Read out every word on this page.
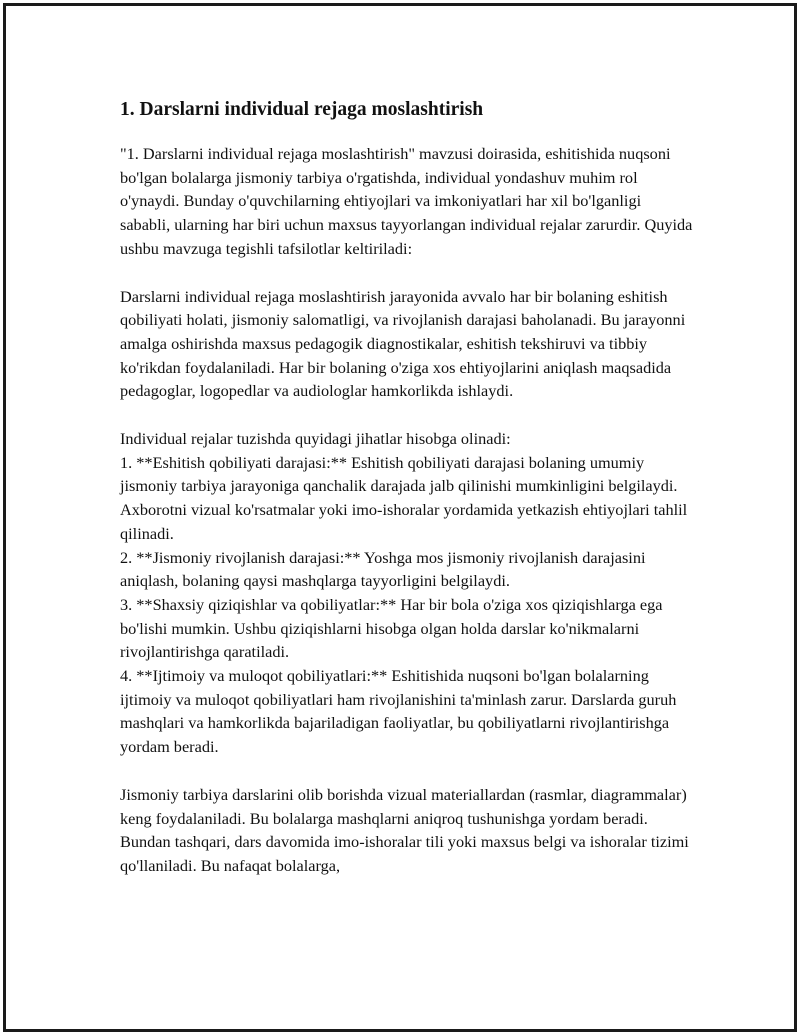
1. Darslarni individual rejaga moslashtirish

"1. Darslarni individual rejaga moslashtirish" mavzusi doirasida, eshitishida nuqsoni bo'lgan bolalarga jismoniy tarbiya o'rgatishda, individual yondashuv muhim rol o'ynaydi. Bunday o'quvchilarning ehtiyojlari va imkoniyatlari har xil bo'lganligi sababli, ularning har biri uchun maxsus tayyorlangan individual rejalar zarurdir. Quyida ushbu mavzuga tegishli tafsilotlar keltiriladi:

Darslarni individual rejaga moslashtirish jarayonida avvalo har bir bolaning eshitish qobiliyati holati, jismoniy salomatligi, va rivojlanish darajasi baholanadi. Bu jarayonni amalga oshirishda maxsus pedagogik diagnostikalar, eshitish tekshiruvi va tibbiy ko'rikdan foydalaniladi. Har bir bolaning o'ziga xos ehtiyojlarini aniqlash maqsadida pedagoglar, logopedlar va audiologlar hamkorlikda ishlaydi.

Individual rejalar tuzishda quyidagi jihatlar hisobga olinadi:

1. **Eshitish qobiliyati darajasi:** Eshitish qobiliyati darajasi bolaning umumiy jismoniy tarbiya jarayoniga qanchalik darajada jalb qilinishi mumkinligini belgilaydi. Axborotni vizual ko'rsatmalar yoki imo-ishoralar yordamida yetkazish ehtiyojlari tahlil qilinadi.

2. **Jismoniy rivojlanish darajasi:** Yoshga mos jismoniy rivojlanish darajasini aniqlash, bolaning qaysi mashqlarga tayyorligini belgilaydi.

3. **Shaxsiy qiziqishlar va qobiliyatlar:** Har bir bola o'ziga xos qiziqishlarga ega bo'lishi mumkin. Ushbu qiziqishlarni hisobga olgan holda darslar ko'nikmalarni rivojlantirishga qaratiladi.

4. **Ijtimoiy va muloqot qobiliyatlari:** Eshitishida nuqsoni bo'lgan bolalarning ijtimoiy va muloqot qobiliyatlari ham rivojlanishini ta'minlash zarur. Darslarda guruh mashqlari va hamkorlikda bajariladigan faoliyatlar, bu qobiliyatlarni rivojlantirishga yordam beradi.

Jismoniy tarbiya darslarini olib borishda vizual materiallardan (rasmlar, diagrammalar) keng foydalaniladi. Bu bolalarga mashqlarni aniqroq tushunishga yordam beradi. Bundan tashqari, dars davomida imo-ishoralar tili yoki maxsus belgi va ishoralar tizimi qo'llaniladi. Bu nafaqat bolalarga,
